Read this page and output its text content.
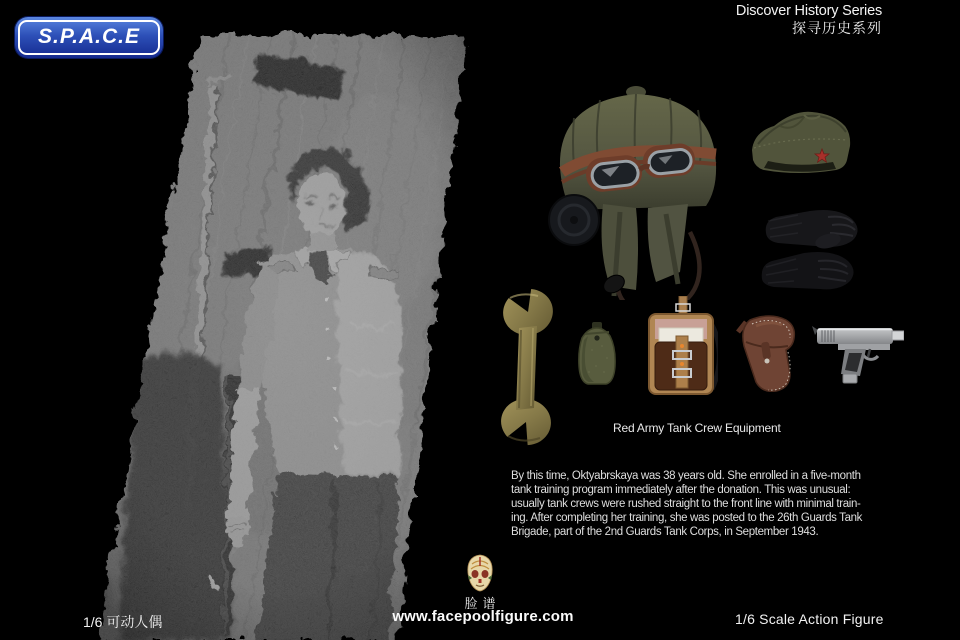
S.P.A.C.E
Discover History Series
探寻历史系列
Red Army Tank Crew Equipment
By this time, Oktyabrskaya was 38 years old. She enrolled in a five-month
tank training program immediately after the donation. This was unusual:
usually tank crews were rushed straight to the front line with minimal train-
ing. After completing her training, she was posted to the 26th Guards Tank
Brigade, part of the 2nd Guards Tank Corps, in September 1943.
1/6 可动人偶
脸谱
www.facepoolfigure.com	1/6 Scale Action Figure
